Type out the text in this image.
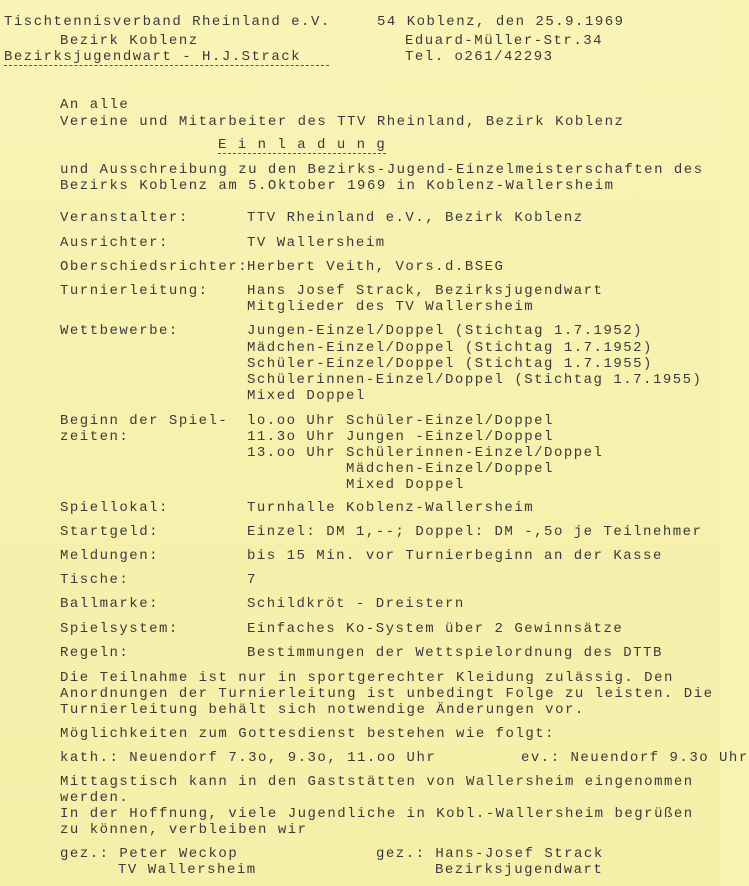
Tischtennisverband Rheinland e.V.
Bezirk Koblenz
Bezirksjugendwart - H.J.Strack
54 Koblenz, den 25.9.1969
Eduard-Müller-Str.34
Tel. o261/42293
An alle
Vereine und Mitarbeiter des TTV Rheinland, Bezirk Koblenz
E i n l a d u n g
und Ausschreibung zu den Bezirks-Jugend-Einzelmeisterschaften des
Bezirks Koblenz am 5.Oktober 1969 in Koblenz-Wallersheim
Veranstalter:	TTV Rheinland e.V., Bezirk Koblenz
Ausrichter:	TV Wallersheim
Oberschiedsrichter:
Herbert Veith, Vors.d.BSEG
Turnierleitung:	Hans Josef Strack, Bezirksjugendwart
Mitglieder des TV Wallersheim
Wettbewerbe:	Jungen-Einzel/Doppel (Stichtag 1.7.1952)
Mädchen-Einzel/Doppel (Stichtag 1.7.1952)
Schüler-Einzel/Doppel (Stichtag 1.7.1955)
Schülerinnen-Einzel/Doppel (Stichtag 1.7.1955)
Mixed Doppel
Beginn der Spiel-
zeiten:
lo.oo Uhr Schüler-Einzel/Doppel
11.3o Uhr Jungen -Einzel/Doppel
13.oo Uhr Schülerinnen-Einzel/Doppel
Mädchen-Einzel/Doppel
Mixed Doppel
Spiellokal:	Turnhalle Koblenz-Wallersheim
Startgeld:	Einzel: DM 1,--; Doppel: DM -,5o je Teilnehmer
Meldungen:	bis 15 Min. vor Turnierbeginn an der Kasse
Tische:	7
Ballmarke:	Schildkröt - Dreistern
Spielsystem:	Einfaches Ko-System über 2 Gewinnsätze
Regeln:	Bestimmungen der Wettspielordnung des DTTB
Die Teilnahme ist nur in sportgerechter Kleidung zulässig. Den
Anordnungen der Turnierleitung ist unbedingt Folge zu leisten. Die
Turnierleitung behält sich notwendige Änderungen vor.
Möglichkeiten zum Gottesdienst bestehen wie folgt:
kath.: Neuendorf 7.3o, 9.3o, 11.oo Uhr	ev.: Neuendorf 9.3o Uhr
Mittagstisch kann in den Gaststätten von Wallersheim eingenommen
werden.
In der Hoffnung, viele Jugendliche in Kobl.-Wallersheim begrüßen
zu können, verbleiben wir
gez.: Peter Weckop
TV Wallersheim
gez.: Hans-Josef Strack
Bezirksjugendwart
